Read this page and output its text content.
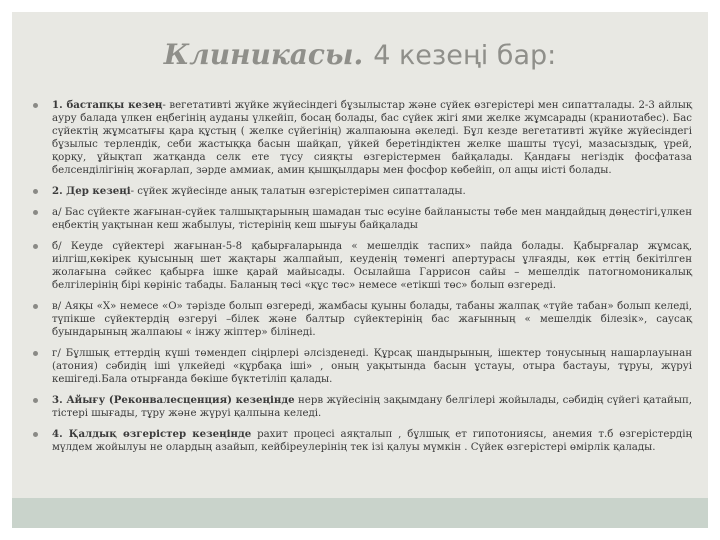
Клиникасы. 4 кезеңі бар:
1. бастапқы кезең- вегетативті жүйке жүйесіндегі бұзылыстар және сүйек өзгерістері мен сипатталады. 2-3 айлық ауру балада үлкен еңбегінің ауданы үлкейіп, босаң болады, бас сүйек жігі ями желке жұмсарады (краниотабес). Бас сүйектің жұмсатығы қара құстың ( желке сүйегінің) жалпаюына әкеледі. Бұл кезде вегетативті жүйке жүйесіндегі бұзылыс терлендік, себи жастыққа басын шайқап, үйкей беретіндіктен желке шашты түсуі, мазасыздық, үрей, қорқу, ұйықтап жатқанда селк ете түсу сияқты өзгерістермен байқалады. Қандағы негіздік фосфатаза белсенділігінің жоғарлап, зәрде аммиак, амин қышқылдары мен фосфор көбейіп, ол ащы иісті болады.
2. Дер кезеңі- сүйек жүйесінде анық талатын өзгерістерімен сипатталады.
а/ Бас сүйекте жағынан-сүйек талшықтарының шамадан тыс өсуіне байланысты төбе мен маңдайдың дөңестігі,үлкен еңбектің уақтынан кеш жабылуы, тістерінің кеш шығуы байқалады
б/ Кеуде сүйектері жағынан-5-8 қабырғаларында « мешелдік таспих» пайда болады. Қабырғалар жұмсақ, иілгіш,көкірек қуысының шет жақтары жалпайып, кеуденің төменгі апертурасы ұлғаяды, көк еттің бекітілген жолағына сәйкес қабырға ішке қарай майысады. Осылайша Гаррисон сайы – мешелдік патогномоникалық белгілерінің бірі көрініс табады. Баланың төсі «құс төс» немесе «етікші төс» болып өзгереді.
в/ Аяқы «Х» немесе «О» тәрізде болып өзгереді, жамбасы қуыны болады, табаны жалпақ «түйе табан» болып келеді, түпікше сүйектердің өзгеруі –білек және балтыр сүйектерінің бас жағынның « мешелдік білезік», саусақ буындарының жалпаюы « інжу жіптер» білінеді.
г/ Бұлшық еттердің күші төмендеп сіңірлері әлсізденеді. Құрсақ шандырының, ішектер тонусының нашарлауынан (атония) сәбидің іші үлкейеді «құрбақа іші» , оның уақытында басын ұстауы, отыра бастауы, тұруы, жүруі кешігеді.Бала отырғанда бөкіше бүктетіліп қалады.
3. Айығу (Реконвалесценция) кезеңінде нерв жүйесінің зақымдану белгілері жойылады, сәбидің сүйегі қатайып, тістері шығады, тұру және жүруі қалпына келеді.
4. Қалдық өзгерістер кезеңінде рахит процесі аяқталып , бұлшық ет гипотониясы, анемия т.б өзгерістердің мүлдем жойылуы не олардың азайып, кейбіреулерінің тек ізі қалуы мүмкін . Сүйек өзгерістері өмірлік қалады.
